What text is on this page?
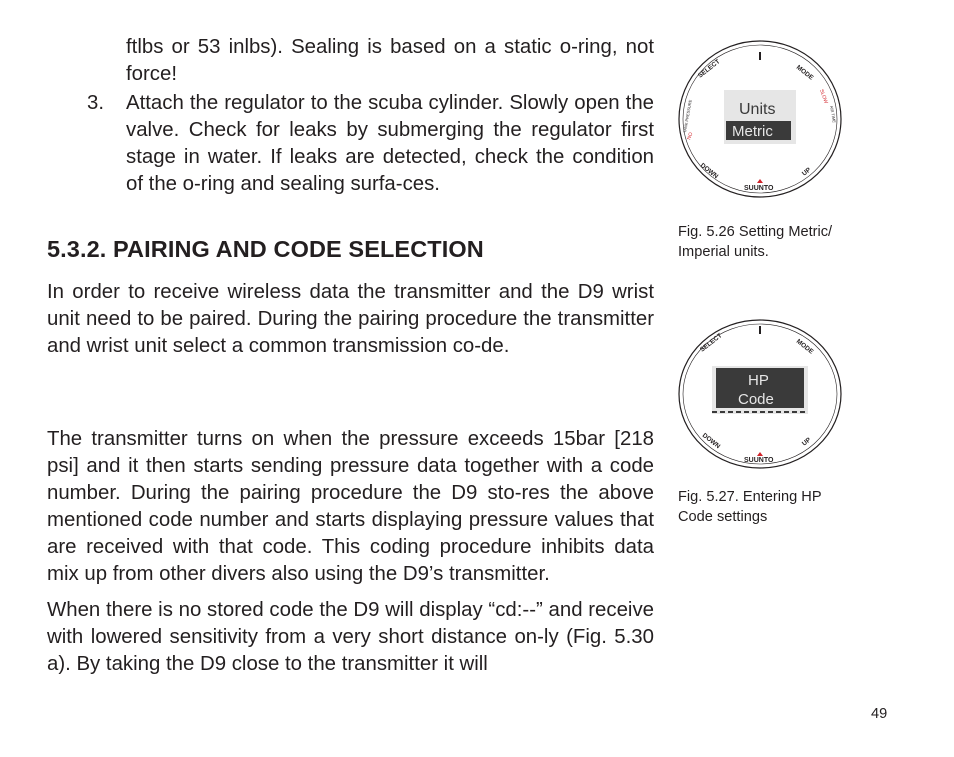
ftlbs or 53 inlbs). Sealing is based on a static o-ring, not force!
3. Attach the regulator to the scuba cylinder. Slowly open the valve. Check for leaks by submerging the regulator first stage in water. If leaks are detected, check the condition of the o-ring and sealing surfa-ces.
5.3.2. PAIRING AND CODE SELECTION
In order to receive wireless data the transmitter and the D9 wrist unit need to be paired. During the pairing procedure the transmitter and wrist unit select a common transmission co-de.
The transmitter turns on when the pressure exceeds 15bar [218 psi] and it then starts sending pressure data together with a code number. During the pairing procedure the D9 sto-res the above mentioned code number and starts displaying pressure values that are received with that code. This coding procedure inhibits data mix up from other divers also using the D9’s transmitter.
When there is no stored code the D9 will display “cd:--” and receive with lowered sensitivity from a very short distance on-ly (Fig. 5.30 a). By taking the D9 close to the transmitter it will
SELECT	MODE
DOWN	UP
SUUNTO
TANK PRESSURE	AIR TIME
SLOW
NO
Units
Metric
Fig. 5.26 Setting Metric/
Imperial units.
SELECT	MODE
DOWN	UP
SUUNTO
HP
Code
Fig. 5.27. Entering HP
Code settings
49
